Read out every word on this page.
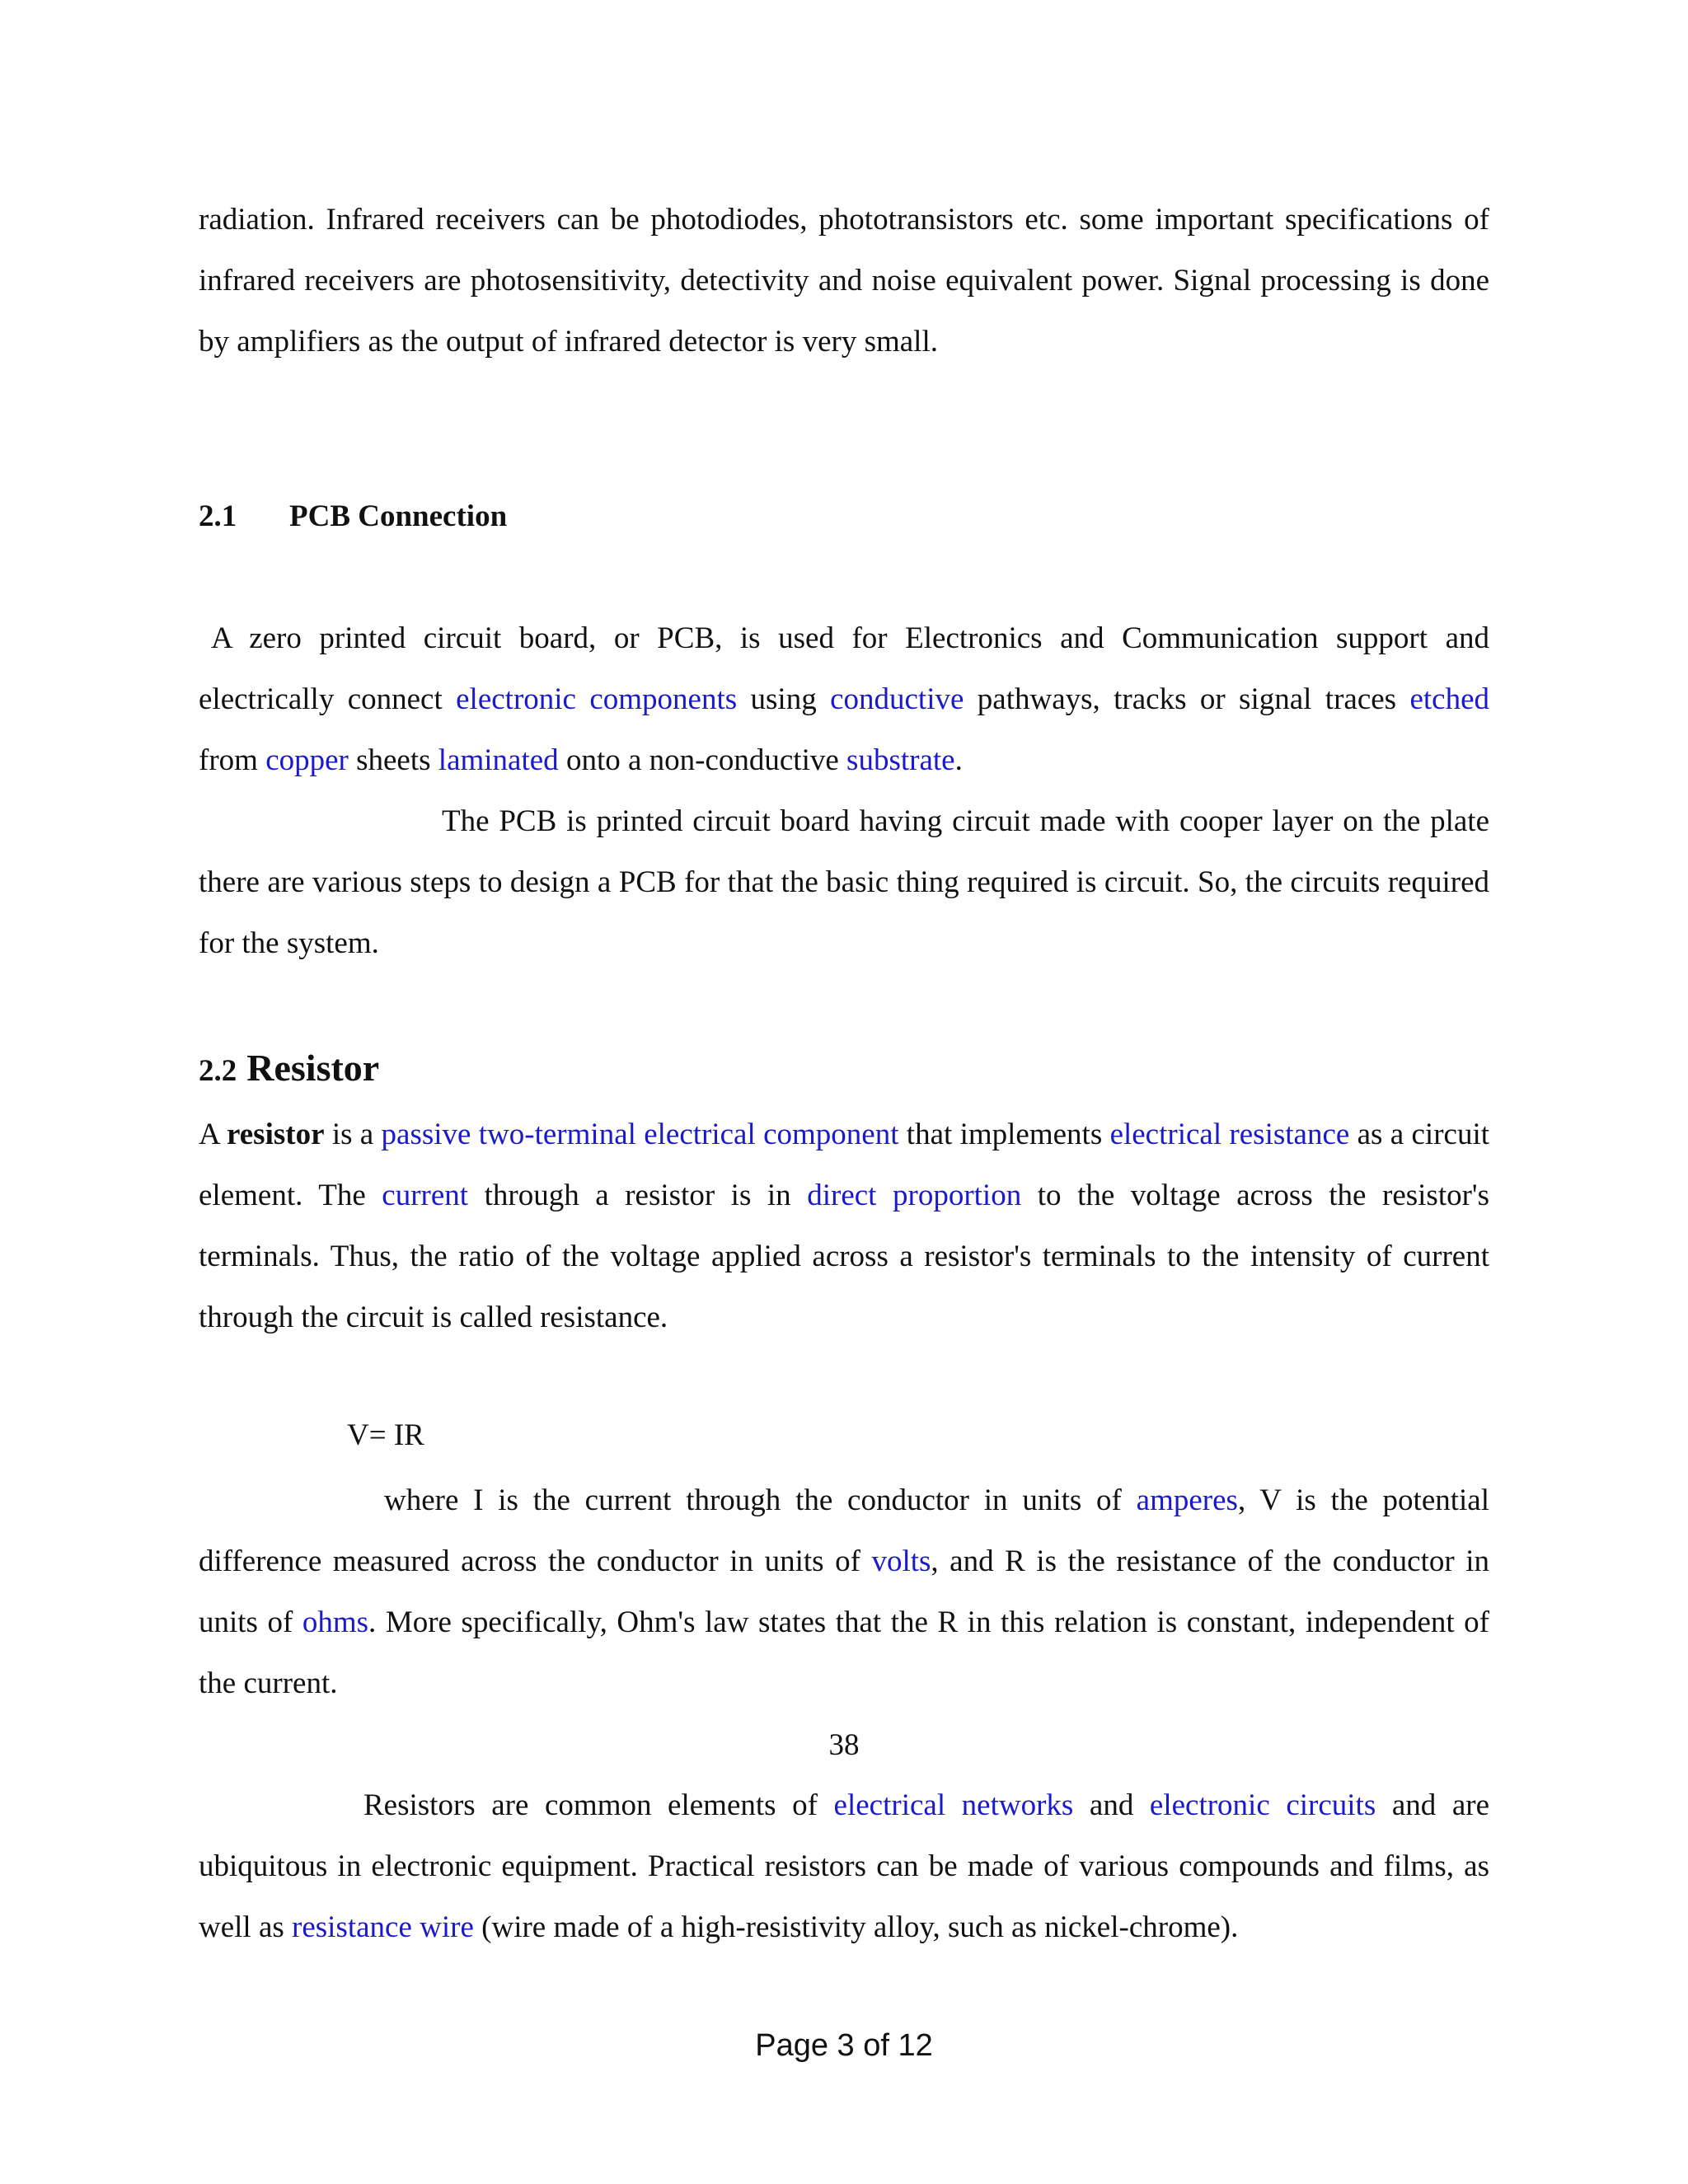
radiation. Infrared receivers can be photodiodes, phototransistors etc. some important specifications of infrared receivers are photosensitivity, detectivity and noise equivalent power. Signal processing is done by amplifiers as the output of infrared detector is very small.

2.1 PCB Connection

A zero printed circuit board, or PCB, is used for Electronics and Communication support and electrically connect electronic components using conductive pathways, tracks or signal traces etched from copper sheets laminated onto a non-conductive substrate.

The PCB is printed circuit board having circuit made with cooper layer on the plate there are various steps to design a PCB for that the basic thing required is circuit. So, the circuits required for the system.

2.2 Resistor

A resistor is a passive two-terminal electrical component that implements electrical resistance as a circuit element. The current through a resistor is in direct proportion to the voltage across the resistor's terminals. Thus, the ratio of the voltage applied across a resistor's terminals to the intensity of current through the circuit is called resistance.

V= IR

where I is the current through the conductor in units of amperes, V is the potential difference measured across the conductor in units of volts, and R is the resistance of the conductor in units of ohms. More specifically, Ohm's law states that the R in this relation is constant, independent of the current.

38

Resistors are common elements of electrical networks and electronic circuits and are ubiquitous in electronic equipment. Practical resistors can be made of various compounds and films, as well as resistance wire (wire made of a high-resistivity alloy, such as nickel-chrome).

Page 3 of 12
